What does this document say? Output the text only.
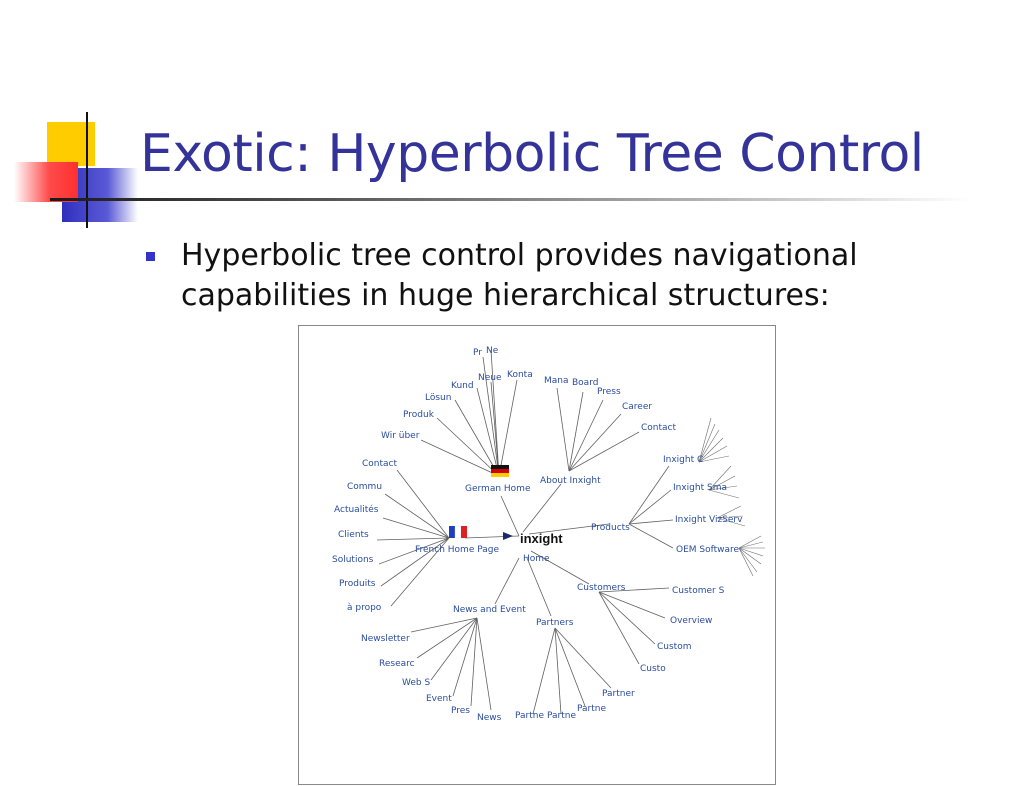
Exotic: Hyperbolic Tree Control
Hyperbolic tree control provides navigational
capabilities in huge hierarchical structures:
inxight
Home
German Home
French Home Page
About Inxight
Products
Customers
Partners
News and Event
Pr Ne
Neue Konta
Kund
Lösun
Produk
Wir über
Contact
Commu
Actualités
Clients
Solutions
Produits
à propo
Mana Board
Press
Career
Contact
Inxight C
Inxight Sma
Inxight VizServ
OEM Software
Customer S
Overview
Custom
Custo
Partner
Partne
Partne
Partne
Newsletter
Researc
Web S
Event
Pres
News
